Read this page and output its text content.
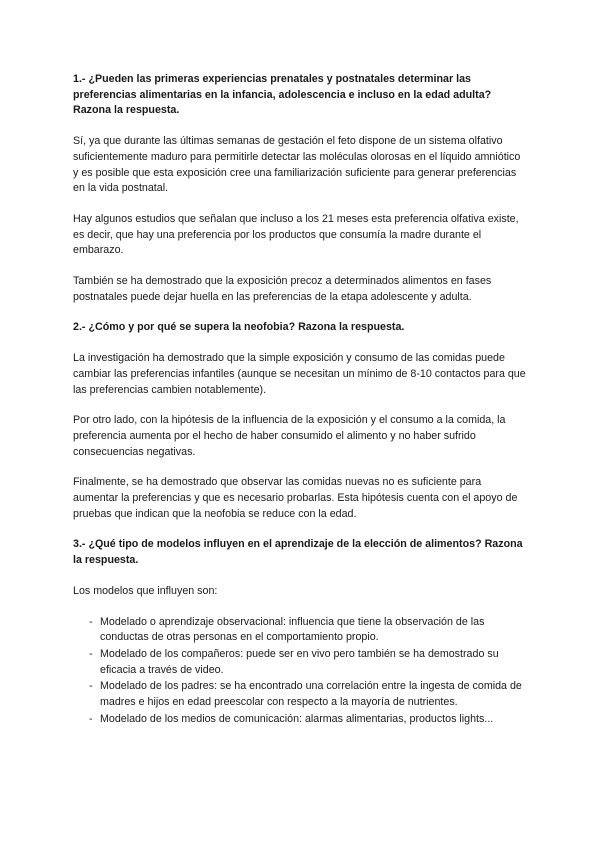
1.- ¿Pueden las primeras experiencias prenatales y postnatales determinar las preferencias alimentarias en la infancia, adolescencia e incluso en la edad adulta? Razona la respuesta.
Sí, ya que durante las últimas semanas de gestación el feto dispone de un sistema olfativo suficientemente maduro para permitirle detectar las moléculas olorosas en el líquido amniótico y es posible que esta exposición cree una familiarización suficiente para generar preferencias en la vida postnatal.
Hay algunos estudios que señalan que incluso a los 21 meses esta preferencia olfativa existe, es decir, que hay una preferencia por los productos que consumía la madre durante el embarazo.
También se ha demostrado que la exposición precoz a determinados alimentos en fases postnatales puede dejar huella en las preferencias de la etapa adolescente y adulta.
2.- ¿Cómo y por qué se supera la neofobia? Razona la respuesta.
La investigación ha demostrado que la simple exposición y consumo de las comidas puede cambiar las preferencias infantiles (aunque se necesitan un mínimo de 8-10 contactos para que las preferencias cambien notablemente).
Por otro lado, con la hipótesis de la influencia de la exposición y el consumo a la comida, la preferencia aumenta por el hecho de haber consumido el alimento y no haber sufrido consecuencias negativas.
Finalmente, se ha demostrado que observar las comidas nuevas no es suficiente para aumentar la preferencias y que es necesario probarlas. Esta hipótesis cuenta con el apoyo de pruebas que indican que la neofobia se reduce con la edad.
3.- ¿Qué tipo de modelos influyen en el aprendizaje de la elección de alimentos? Razona la respuesta.
Los modelos que influyen son:
- Modelado o aprendizaje observacional: influencia que tiene la observación de las conductas de otras personas en el comportamiento propio.
- Modelado de los compañeros: puede ser en vivo pero también se ha demostrado su eficacia a través de video.
- Modelado de los padres: se ha encontrado una correlación entre la ingesta de comida de madres e hijos en edad preescolar con respecto a la mayoría de nutrientes.
- Modelado de los medios de comunicación: alarmas alimentarias, productos lights...
